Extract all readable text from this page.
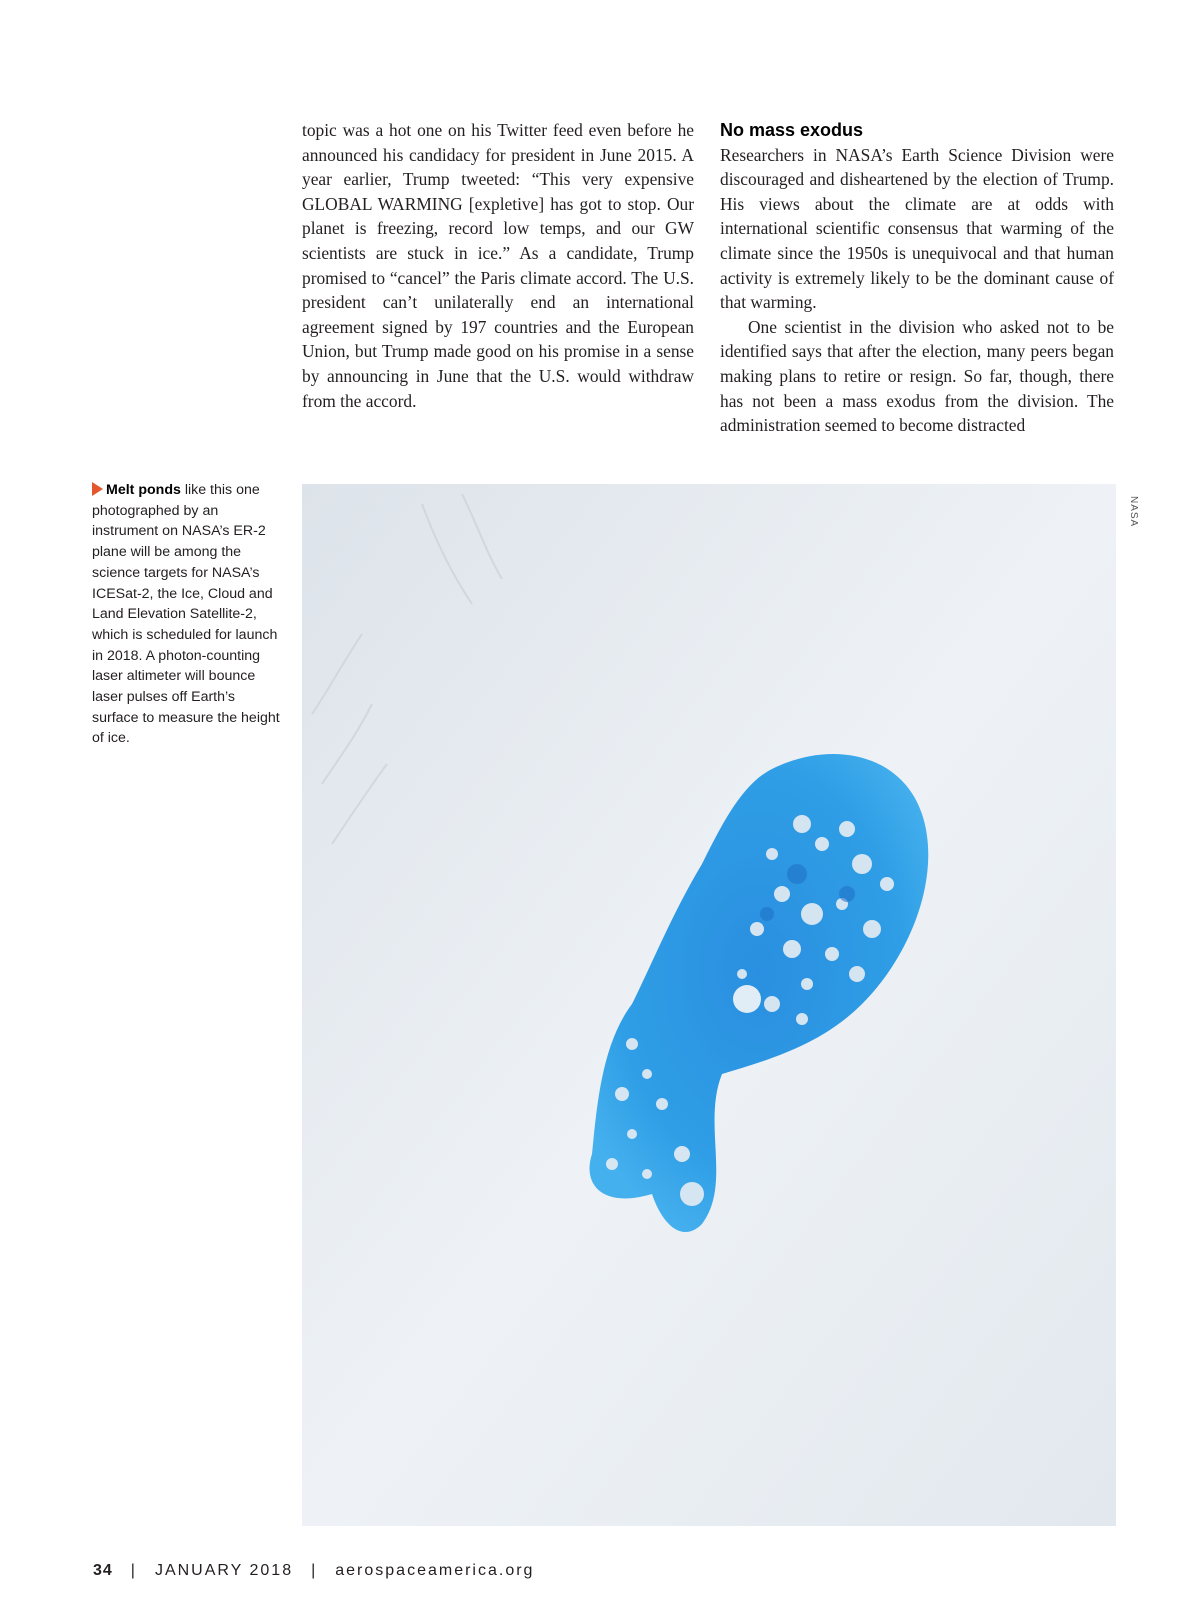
topic was a hot one on his Twitter feed even before he announced his candidacy for president in June 2015. A year earlier, Trump tweeted: “This very expensive GLOBAL WARMING [expletive] has got to stop. Our planet is freezing, record low temps, and our GW scientists are stuck in ice.” As a candidate, Trump promised to “cancel” the Paris climate accord. The U.S. president can’t unilaterally end an international agreement signed by 197 countries and the European Union, but Trump made good on his promise in a sense by announcing in June that the U.S. would withdraw from the accord.

No mass exodus

Researchers in NASA’s Earth Science Division were discouraged and disheartened by the election of Trump. His views about the climate are at odds with international scientific consensus that warming of the climate since the 1950s is unequivocal and that human activity is extremely likely to be the dominant cause of that warming.

One scientist in the division who asked not to be identified says that after the election, many peers began making plans to retire or resign. So far, though, there has not been a mass exodus from the division. The administration seemed to become distracted

Melt ponds like this one photographed by an instrument on NASA’s ER-2 plane will be among the science targets for NASA’s ICESat-2, the Ice, Cloud and Land Elevation Satellite-2, which is scheduled for launch in 2018. A photon-counting laser altimeter will bounce laser pulses off Earth’s surface to measure the height of ice.
NASA
34 | JANUARY 2018 | aerospaceamerica.org
